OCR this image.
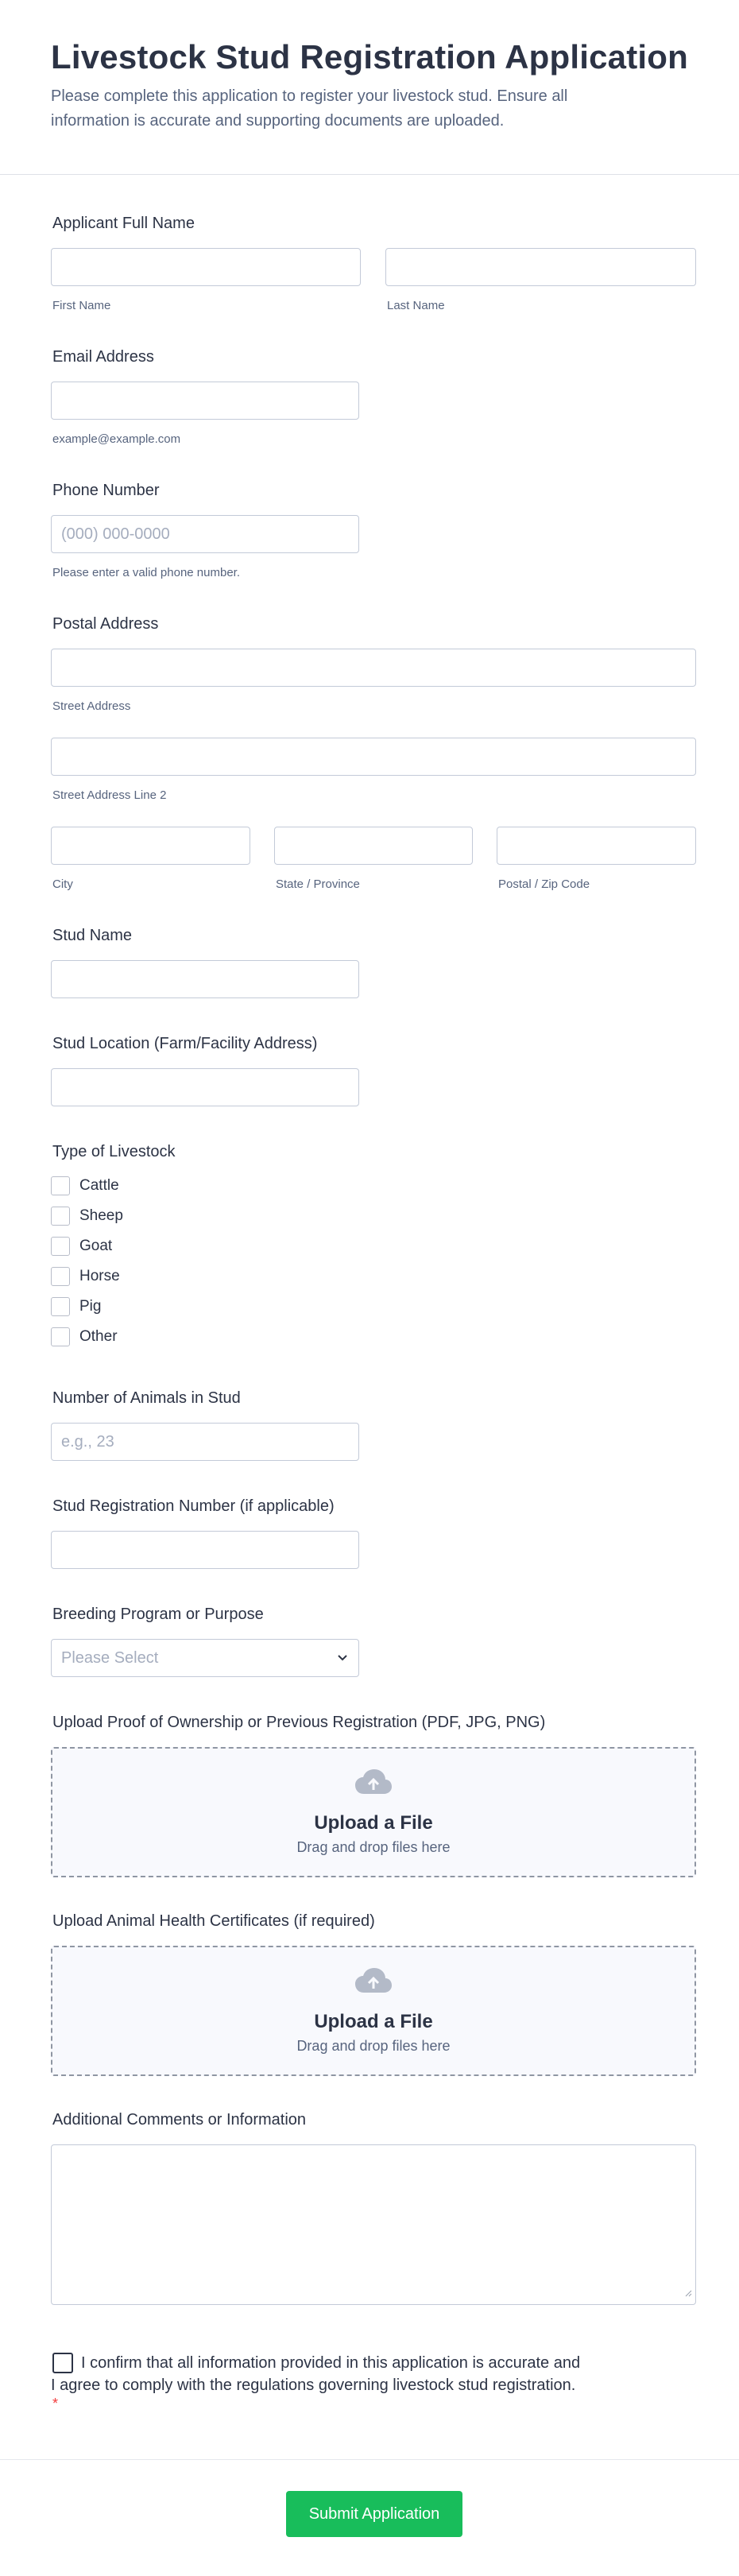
Livestock Stud Registration Application
Please complete this application to register your livestock stud. Ensure all information is accurate and supporting documents are uploaded.
Applicant Full Name
First Name	Last Name
Email Address
example@example.com
Phone Number
(000) 000-0000
Please enter a valid phone number.
Postal Address
Street Address
Street Address Line 2
City	State / Province	Postal / Zip Code
Stud Name
Stud Location (Farm/Facility Address)
Type of Livestock
Cattle
Sheep
Goat
Horse
Pig
Other
Number of Animals in Stud
e.g., 23
Stud Registration Number (if applicable)
Breeding Program or Purpose
Please Select
Upload Proof of Ownership or Previous Registration (PDF, JPG, PNG)
Upload a File
Drag and drop files here
Upload Animal Health Certificates (if required)
Upload a File
Drag and drop files here
Additional Comments or Information
I confirm that all information provided in this application is accurate and
I agree to comply with the regulations governing livestock stud registration.
*
Submit Application
